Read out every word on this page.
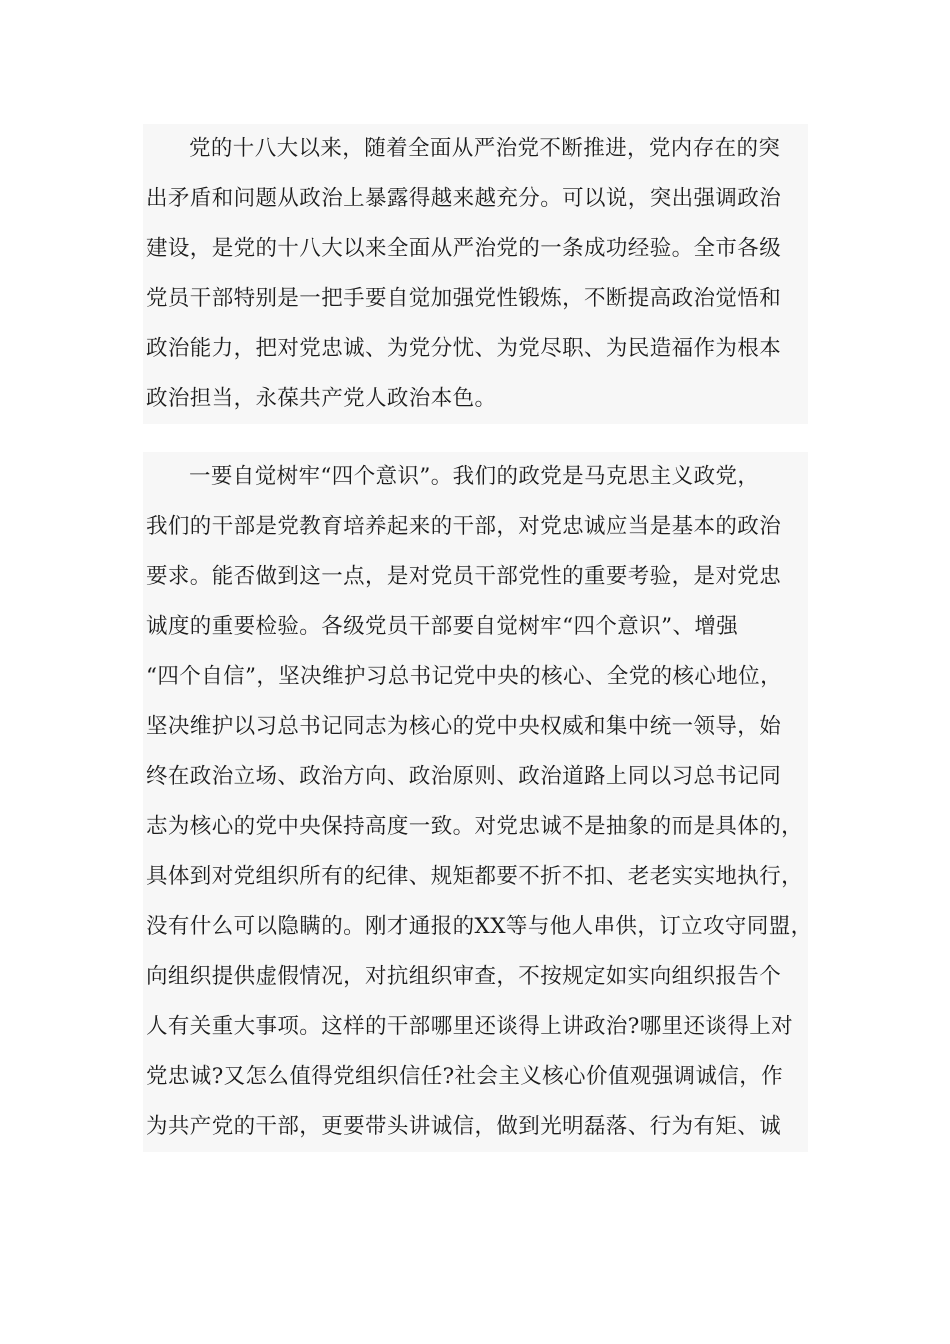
党的十八大以来，随着全面从严治党不断推进，党内存在的突
出矛盾和问题从政治上暴露得越来越充分。可以说，突出强调政治
建设，是党的十八大以来全面从严治党的一条成功经验。全市各级
党员干部特别是一把手要自觉加强党性锻炼，不断提高政治觉悟和
政治能力，把对党忠诚、为党分忧、为党尽职、为民造福作为根本
政治担当，永葆共产党人政治本色。
一要自觉树牢“四个意识”。我们的政党是马克思主义政党，
我们的干部是党教育培养起来的干部，对党忠诚应当是基本的政治
要求。能否做到这一点，是对党员干部党性的重要考验，是对党忠
诚度的重要检验。各级党员干部要自觉树牢“四个意识”、增强
“四个自信”，坚决维护习总书记党中央的核心、全党的核心地位，
坚决维护以习总书记同志为核心的党中央权威和集中统一领导，始
终在政治立场、政治方向、政治原则、政治道路上同以习总书记同
志为核心的党中央保持高度一致。对党忠诚不是抽象的而是具体的，
具体到对党组织所有的纪律、规矩都要不折不扣、老老实实地执行，
没有什么可以隐瞒的。刚才通报的XX等与他人串供，订立攻守同盟，
向组织提供虚假情况，对抗组织审查，不按规定如实向组织报告个
人有关重大事项。这样的干部哪里还谈得上讲政治?哪里还谈得上对
党忠诚?又怎么值得党组织信任?社会主义核心价值观强调诚信，作
为共产党的干部，更要带头讲诚信，做到光明磊落、行为有矩、诚
